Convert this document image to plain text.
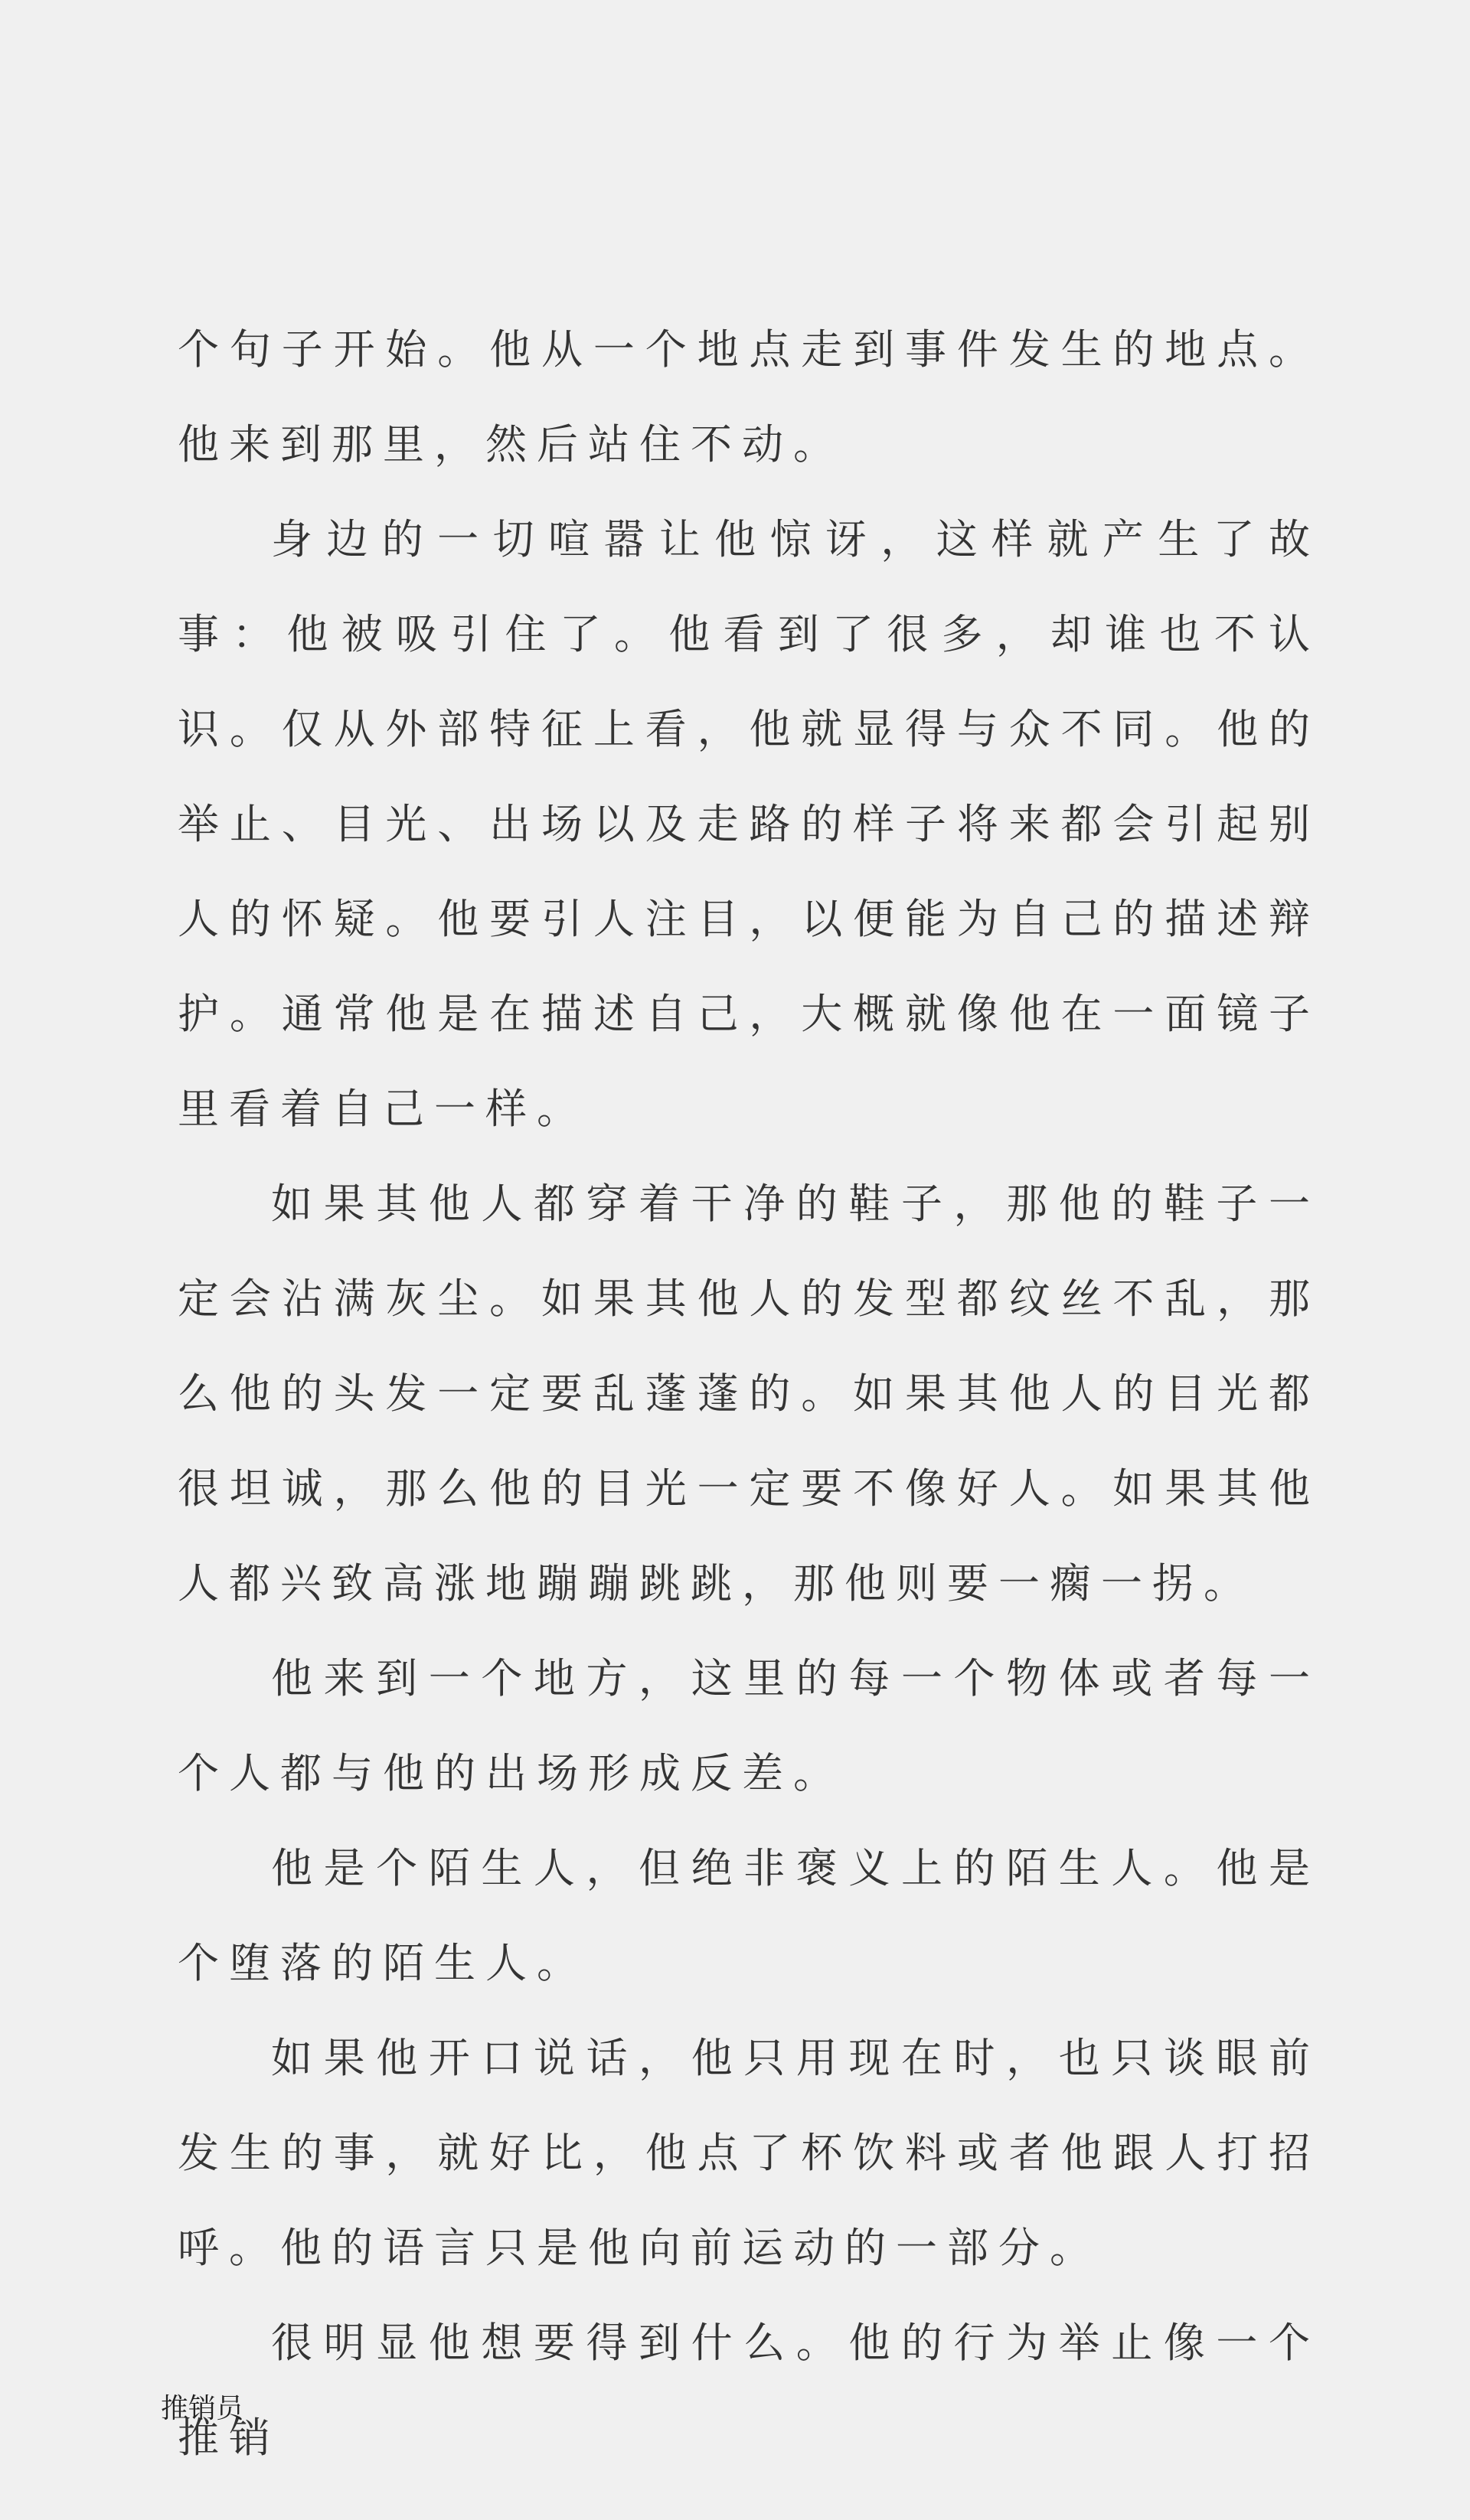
个句子开始。他从一个地点走到事件发生的地点。他来到那里，然后站住不动。

身边的一切喧嚣让他惊讶，这样就产生了故事：他被吸引住了。他看到了很多，却谁也不认识。仅从外部特征上看，他就显得与众不同。他的举止、目光、出场以及走路的样子将来都会引起别人的怀疑。他要引人注目，以便能为自己的描述辩护。通常他是在描述自己，大概就像他在一面镜子里看着自己一样。

如果其他人都穿着干净的鞋子，那他的鞋子一定会沾满灰尘。如果其他人的发型都纹丝不乱，那么他的头发一定要乱蓬蓬的。如果其他人的目光都很坦诚，那么他的目光一定要不像好人。如果其他人都兴致高涨地蹦蹦跳跳，那他则要一瘸一拐。

他来到一个地方，这里的每一个物体或者每一个人都与他的出场形成反差。

他是个陌生人，但绝非褒义上的陌生人。他是个堕落的陌生人。

如果他开口说话，他只用现在时，也只谈眼前发生的事，就好比，他点了杯饮料或者他跟人打招呼。他的语言只是他向前运动的一部分。

很明显他想要得到什么。他的行为举止像一个推销

推销员
